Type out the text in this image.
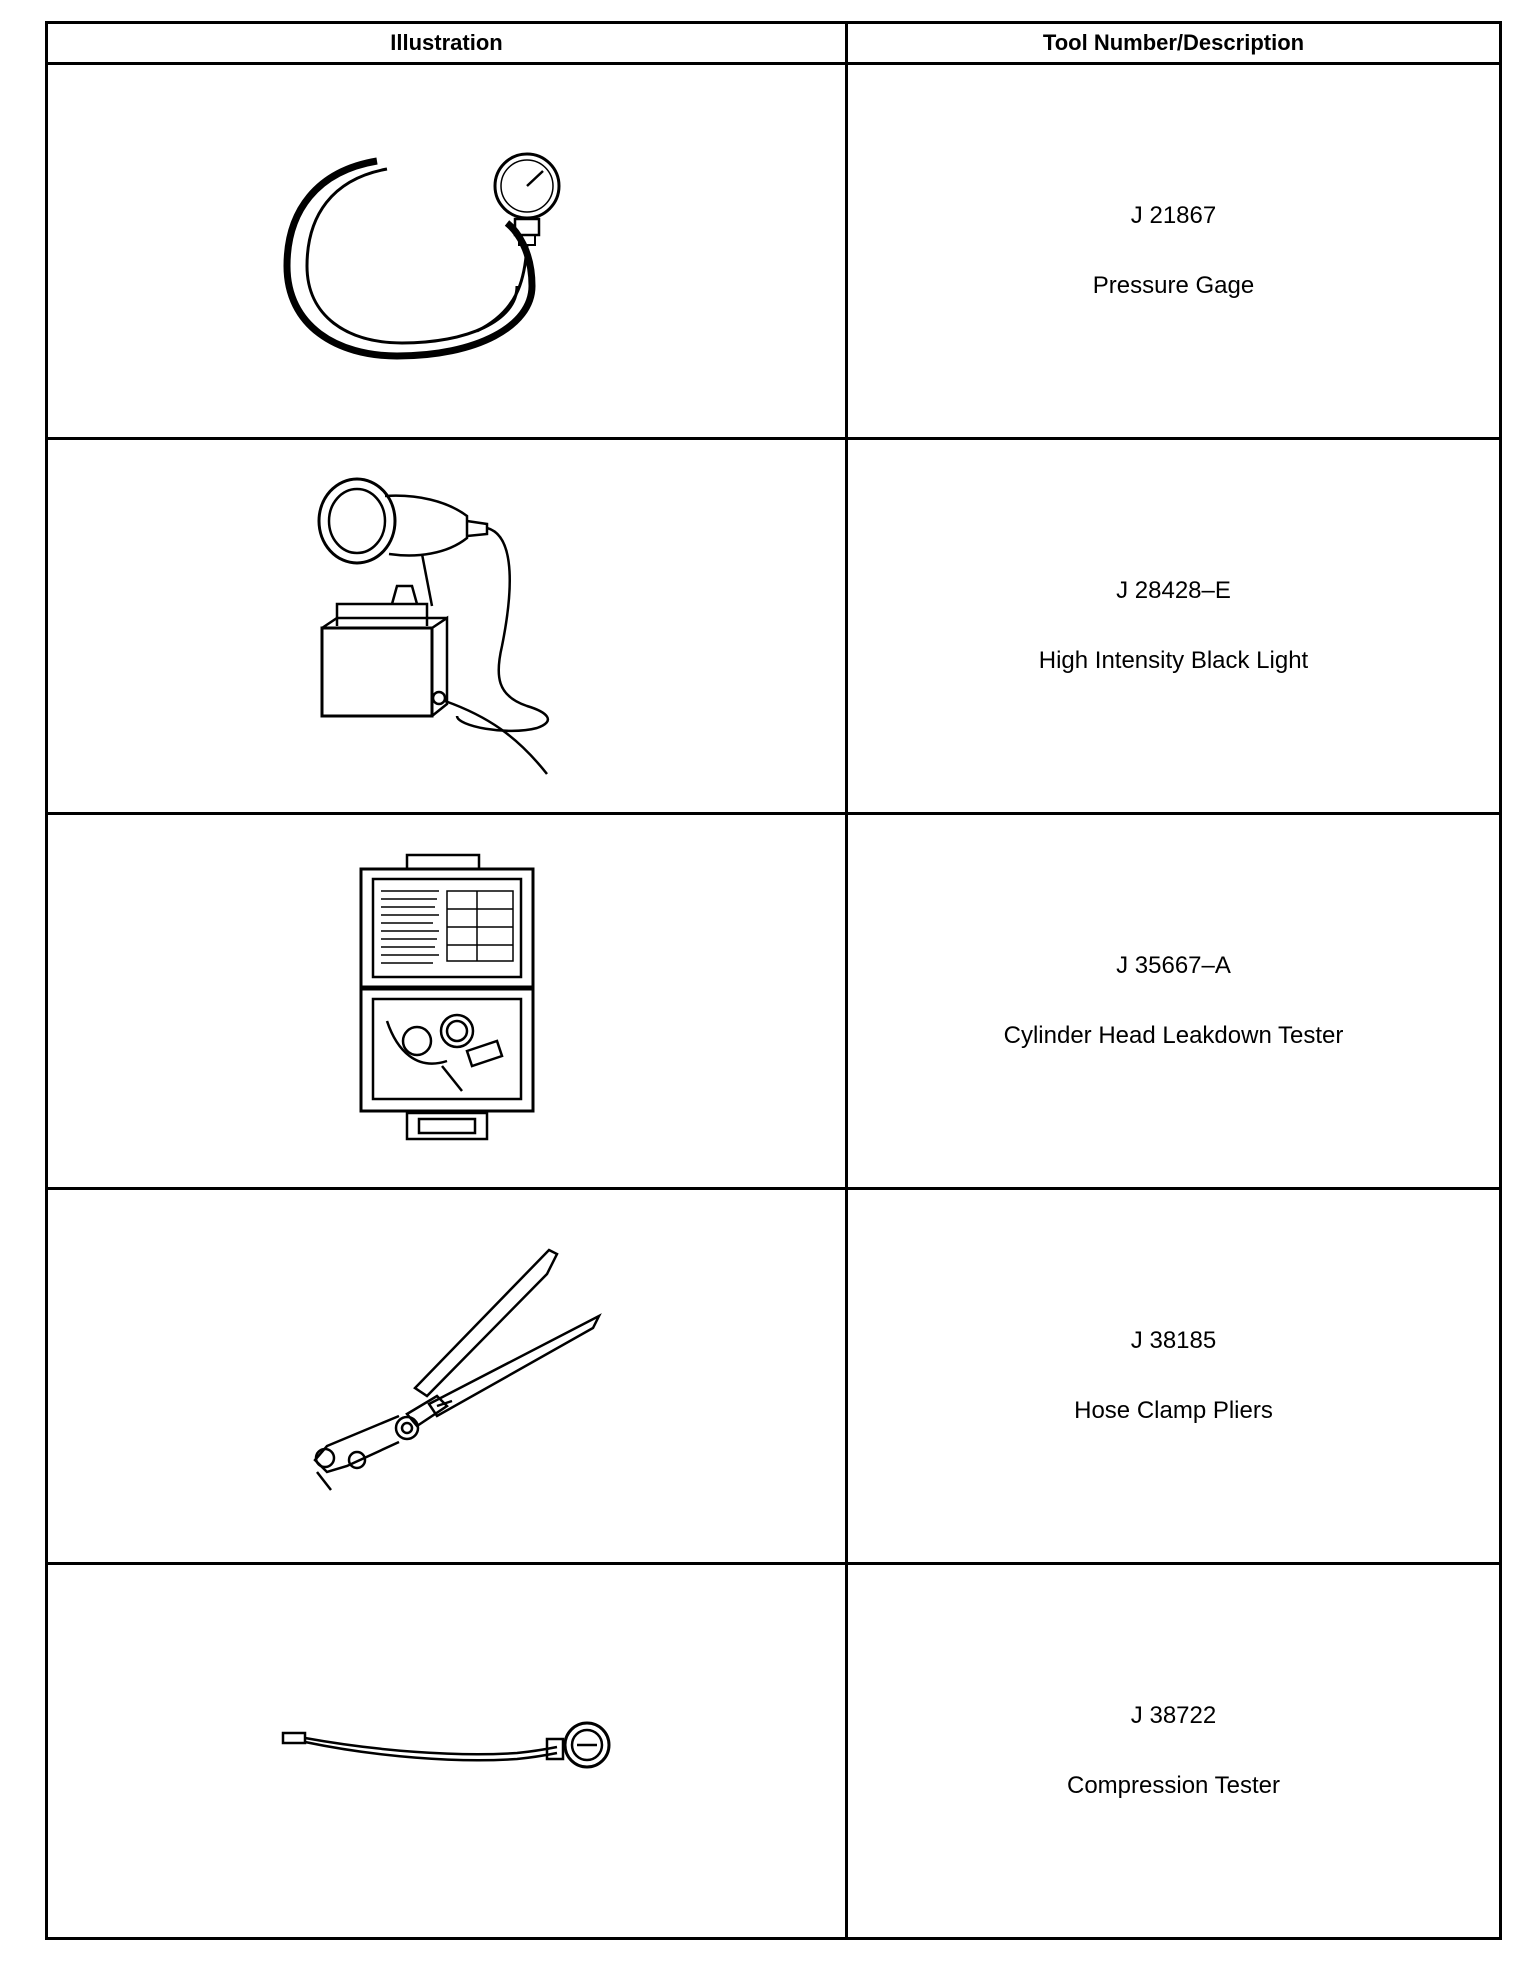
Illustration	Tool Number/Description

J 21867
Pressure Gage

J 28428–E
High Intensity Black Light

J 35667–A
Cylinder Head Leakdown Tester

J 38185
Hose Clamp Pliers

J 38722
Compression Tester
